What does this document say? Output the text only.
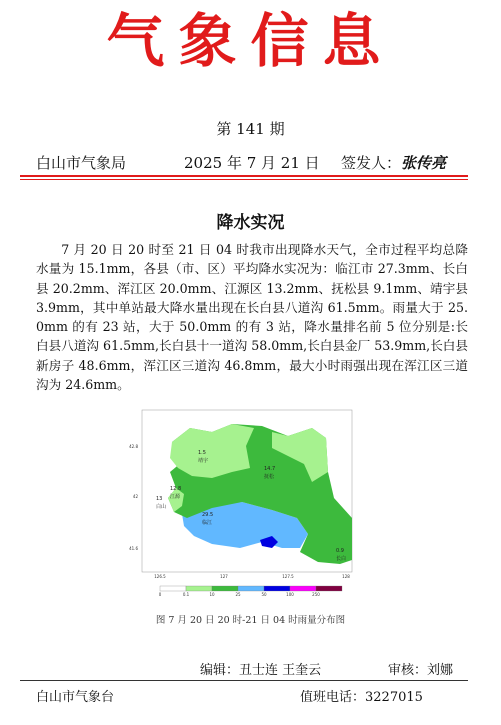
气象信息
第 141 期
白山市气象局	2025 年 7 月 21 日 签发人：张传亮
降水实况
7 月 20 日 20 时至 21 日 04 时我市出现降水天气，全市过程平均总降水量为 15.1mm，各县（市、区）平均降水实况为：临江市 27.3mm、长白县 20.2mm、浑江区 20.0mm、江源区 13.2mm、抚松县 9.1mm、靖宇县 3.9mm，其中单站最大降水量出现在长白县八道沟 61.5mm。雨量大于 25.0mm 的有 23 站，大于 50.0mm 的有 3 站，降水量排名前 5 位分别是:长白县八道沟 61.5mm,长白县十一道沟 58.0mm,长白县金厂 53.9mm,长白县新房子 48.6mm，浑江区三道沟 46.8mm，最大小时雨强出现在浑江区三道沟为 24.6mm。
42.8
42
41.6
126.5	127	127.5	128
1.5
靖宇
14.7
抚松
12.8
江源
13
白山
29.5
临江
0.9
长白
0	0.1	10	25	50	100	250
图 7 月 20 日 20 时-21 日 04 时雨量分布图
编辑：丑士连 王奎云	审核：刘娜
白山市气象台	值班电话：3227015
